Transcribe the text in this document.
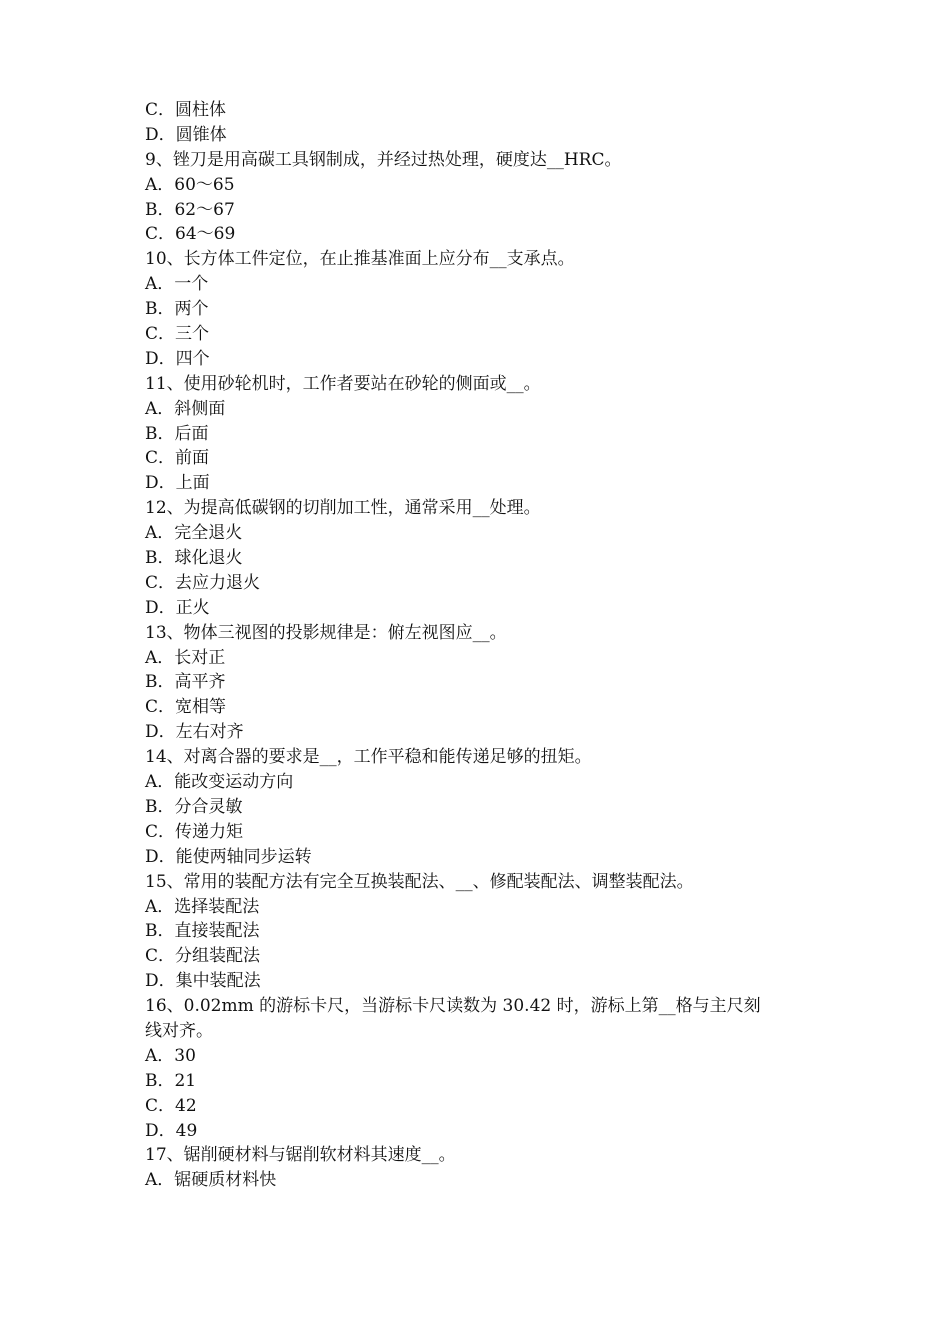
C．圆柱体
D．圆锥体
9、锉刀是用高碳工具钢制成，并经过热处理，硬度达__HRC。
A．60～65
B．62～67
C．64～69
10、长方体工件定位，在止推基准面上应分布__支承点。
A．一个
B．两个
C．三个
D．四个
11、使用砂轮机时，工作者要站在砂轮的侧面或__。
A．斜侧面
B．后面
C．前面
D．上面
12、为提高低碳钢的切削加工性，通常采用__处理。
A．完全退火
B．球化退火
C．去应力退火
D．正火
13、物体三视图的投影规律是：俯左视图应__。
A．长对正
B．高平齐
C．宽相等
D．左右对齐
14、对离合器的要求是__，工作平稳和能传递足够的扭矩。
A．能改变运动方向
B．分合灵敏
C．传递力矩
D．能使两轴同步运转
15、常用的装配方法有完全互换装配法、__、修配装配法、调整装配法。
A．选择装配法
B．直接装配法
C．分组装配法
D．集中装配法
16、0.02mm 的游标卡尺，当游标卡尺读数为 30.42 时，游标上第__格与主尺刻
线对齐。
A．30
B．21
C．42
D．49
17、锯削硬材料与锯削软材料其速度__。
A．锯硬质材料快
